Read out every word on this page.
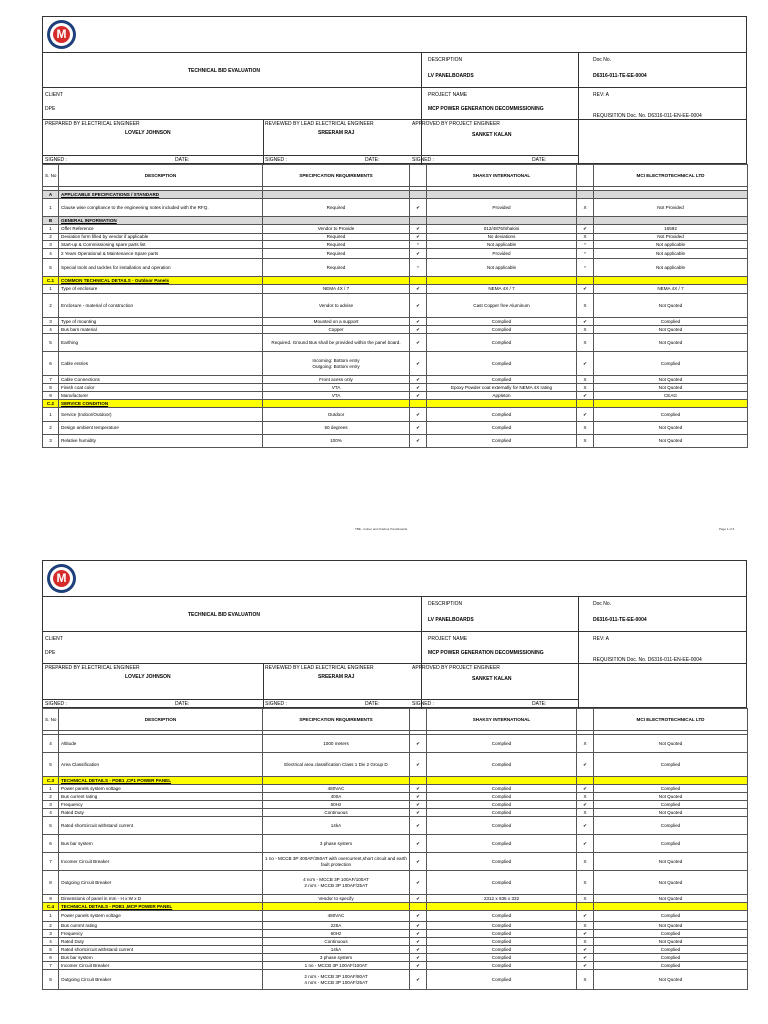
M
TECHNICAL BID EVALUATION
DESCRIPTION
LV PANELBOARDS
Doc No.
D6316-011-TE-EE-0004
CLIENT
DPE
PROJECT NAME
MCP POWER GENERATION DECOMMISSIONING
REV: A
REQUISITION Doc. No. D6316-011-EN-EE-0004
PREPARED BY ELECTRICAL ENGINEER
LOVELY JOHNSON
REVIEWED BY LEAD ELECTRICAL ENGINEER
SREERAM RAJ
APPROVED BY PROJECT ENGINEER
SANKET KALAN
SIGNED :	DATE:	SIGNED :	DATE:	SIGNED :	DATE:
S. No	DESCRIPTION	SPECIFICATION REQUIREMENTS		SHAKSY INTERNATIONAL		MCI ELECTROTECHNICAL LTD

A	APPLICABLE SPECIFICATIONS / STANDARD					
1	Clause wise compliance to the engineering notes included with the RFQ.	Required	✔	Provided	X	Not Provided
B	GENERAL INFORMATION					
1	Offer Reference	Vendor to Provide	✔	012/4876/Shakini	✔	16592
2	Deviation form filled by vendor if applicable	Required	✔	No deviations	X	Not Provided
3	Start-up & Commissioning spare parts list	Required	*	Not applicable	*	Not applicable
4	2 Years Operational & Maintenance Spare parts	Required	✔	Provided	*	Not applicable
5	Special tools and tackles for installation and operation	Required	*	Not applicable	*	Not applicable
C.1	COMMON TECHNICAL DETAILS - Outdoor Panels					
1	Type of enclosure	NEMA 4X / 7	✔	NEMA 4X / 7	✔	NEMA 4X / 7
2	Enclosure - material of construction	Vendor to advise	✔	Cast Copper free Aluminum	X	Not Quoted
3	Type of mounting	Mounted on a support	✔	Complied	✔	Complied
4	Bus bars material	Copper	✔	Complied	X	Not Quoted
5	Earthing	Required. Ground Bus shall be provided within the panel board.	✔	Complied	X	Not Quoted
6	Cable entries	Incoming: Bottom entry
Outgoing: Bottom entry	✔	Complied	✔	Complied
7	Cable Connections	Front acess only	✔	Complied	X	Not Quoted
8	Finish coat color	VTA	✔	Epoxy Powder coat externally for NEMA 4X rating	X	Not Quoted
9	Manufacturer	VTA	✔	Appleton	✔	CEAG
C.2	SERVICE CONDITION					
1	Service (Indoor/Outdoor)	Outdoor	✔	Complied	✔	Complied
2	Design ambient temperature	50 degrees	✔	Complied	X	Not Quoted
3	Relative humidity	100%	✔	Complied	X	Not Quoted
TBE - Indoor and Outdoor Panelboards	Page 1 of 6
M
TECHNICAL BID EVALUATION
DESCRIPTION
LV PANELBOARDS
Doc No.
D6316-011-TE-EE-0004
CLIENT
DPE
PROJECT NAME
MCP POWER GENERATION DECOMMISSIONING
REV: A
REQUISITION Doc. No. D6316-011-EN-EE-0004
PREPARED BY ELECTRICAL ENGINEER
LOVELY JOHNSON
REVIEWED BY LEAD ELECTRICAL ENGINEER
SREERAM RAJ
APPROVED BY PROJECT ENGINEER
SANKET KALAN
SIGNED :	DATE:	SIGNED :	DATE:	SIGNED :	DATE:
S. No	DESCRIPTION	SPECIFICATION REQUIREMENTS		SHAKSY INTERNATIONAL		MCI ELECTROTECHNICAL LTD

4	Altitude	1000 meters	✔	Complied	X	Not Quoted
5	Area Classification	Electrical area classification Class 1 Div 2 Group D	✔	Complied	✔	Complied
C.3	TECHNICAL DETAILS - PDB1 ,CP1 POWER PANEL					
1	Power panels system voltage	480VAC	✔	Complied	✔	Complied
2	Bus current rating	400A	✔	Complied	X	Not Quoted
3	Frequency	60Hz	✔	Complied	✔	Complied
4	Rated Duty	Continuous	✔	Complied	X	Not Quoted
5	Rated shortcircuit withstand current	14kA	✔	Complied	✔	Complied
6	Bus bar system	3 phase system	✔	Complied	✔	Complied
7	Incomer Circuit Breaker	1 no - MCCB 3P 400AF/350AT with overcurrent,short circuit and earth fault protection	✔	Complied	X	Not Quoted
8	Outgoing Circuit Breaker	4 no's - MCCB 3P 100AF/100AT
2 no's - MCCB 3P 100AF/25AT	✔	Complied	X	Not Quoted
9	Dimensions of panel in mm - H x W x D	Vendor to specify	✔	2312 x 635 x 332	X	Not Quoted
C.4	TECHNICAL DETAILS - PDB1 ,MCP POWER PANEL					
1	Power panels system voltage	480VAC	✔	Complied	✔	Complied
2	Bus cumrnt rating	225A	✔	Complied	X	Not Quoted
3	Frequency	60Hz	✔	Complied	✔	Complied
4	Rated Duty	Continuous	✔	Complied	X	Not Quoted
5	Rated shortcircuit withstand current	14kA	✔	Complied	✔	Complied
6	Bus bar system	3 phase system	✔	Complied	✔	Complied
7	Incomer Circuit Breaker	1 no - MCCB 3P 100AF/100AT	✔	Complied	✔	Complied
8	Outgoing Circuit Breaker	2 no's - MCCB 3P 100AF/80AT
4 no's - MCCB 3P 100AF/25AT	✔	Complied	X	Not Quoted
